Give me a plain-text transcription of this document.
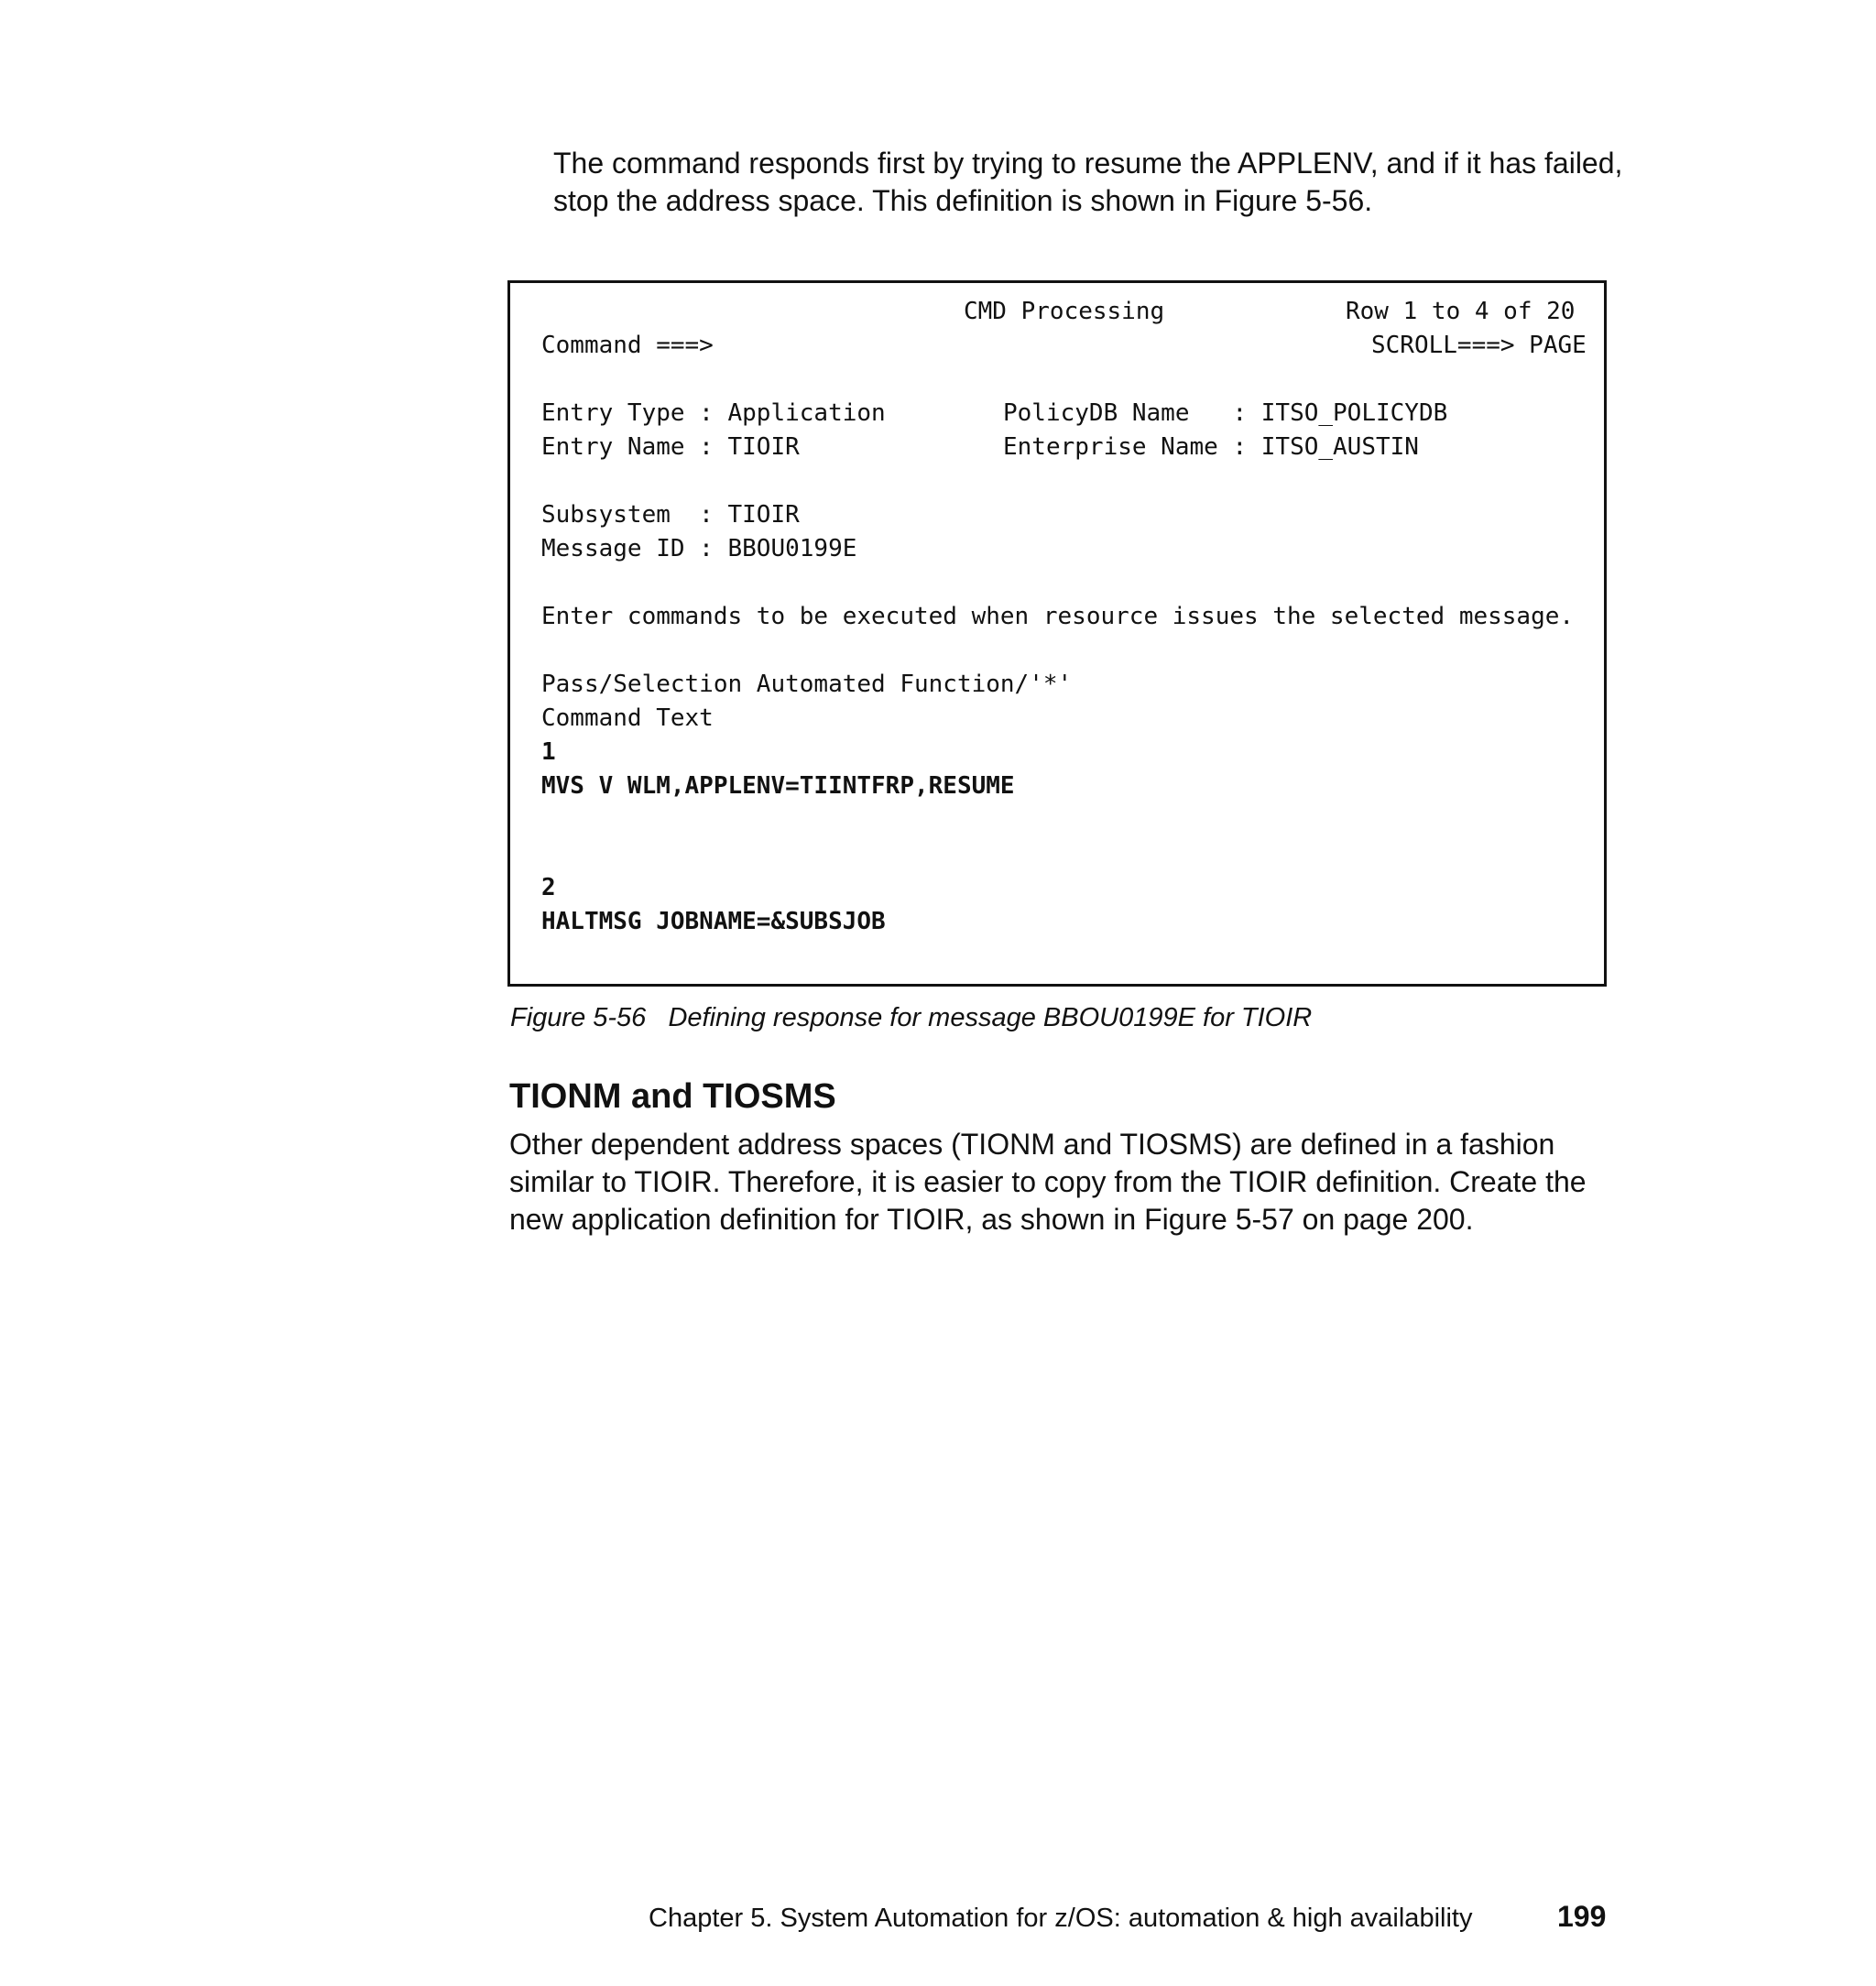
The command responds first by trying to resume the APPLENV, and if it has failed, stop the address space. This definition is shown in Figure 5-56.

CMD Processing	Row 1 to 4 of 20
Command ===>	SCROLL===> PAGE
Entry Type : Application	PolicyDB Name   : ITSO_POLICYDB
Entry Name : TIOIR	Enterprise Name : ITSO_AUSTIN
Subsystem  : TIOIR
Message ID : BBOU0199E
Enter commands to be executed when resource issues the selected message.
Pass/Selection Automated Function/'*'
Command Text
1
MVS V WLM,APPLENV=TIINTFRP,RESUME
2
HALTMSG JOBNAME=&SUBSJOB

Figure 5-56   Defining response for message BBOU0199E for TIOIR

TIONM and TIOSMS

Other dependent address spaces (TIONM and TIOSMS) are defined in a fashion similar to TIOIR. Therefore, it is easier to copy from the TIOIR definition. Create the new application definition for TIOIR, as shown in Figure 5-57 on page 200.

Chapter 5. System Automation for z/OS: automation & high availability	199
